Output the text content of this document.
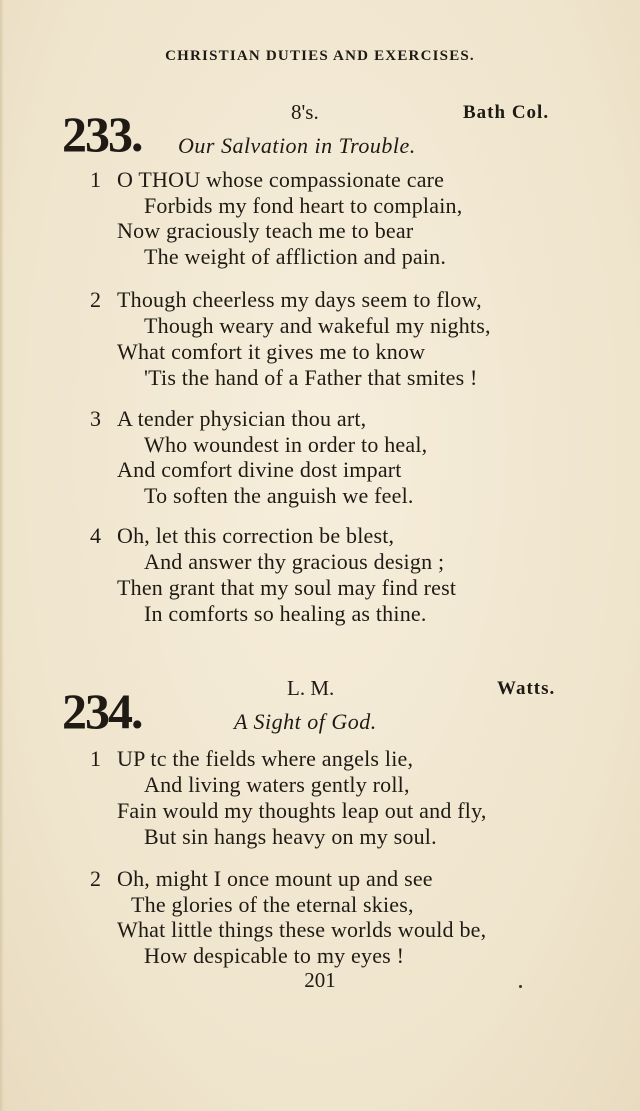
CHRISTIAN DUTIES AND EXERCISES.
233.	8's.	Bath Col.
Our Salvation in Trouble.
1 O THOU whose compassionate care
Forbids my fond heart to complain,
Now graciously teach me to bear
The weight of affliction and pain.
2 Though cheerless my days seem to flow,
Though weary and wakeful my nights,
What comfort it gives me to know
'Tis the hand of a Father that smites !
3 A tender physician thou art,
Who woundest in order to heal,
And comfort divine dost impart
To soften the anguish we feel.
4 Oh, let this correction be blest,
And answer thy gracious design ;
Then grant that my soul may find rest
In comforts so healing as thine.
234.	L. M.	Watts.
A Sight of God.
1 UP tc the fields where angels lie,
And living waters gently roll,
Fain would my thoughts leap out and fly,
But sin hangs heavy on my soul.
2 Oh, might I once mount up and see
The glories of the eternal skies,
What little things these worlds would be,
How despicable to my eyes !
201
